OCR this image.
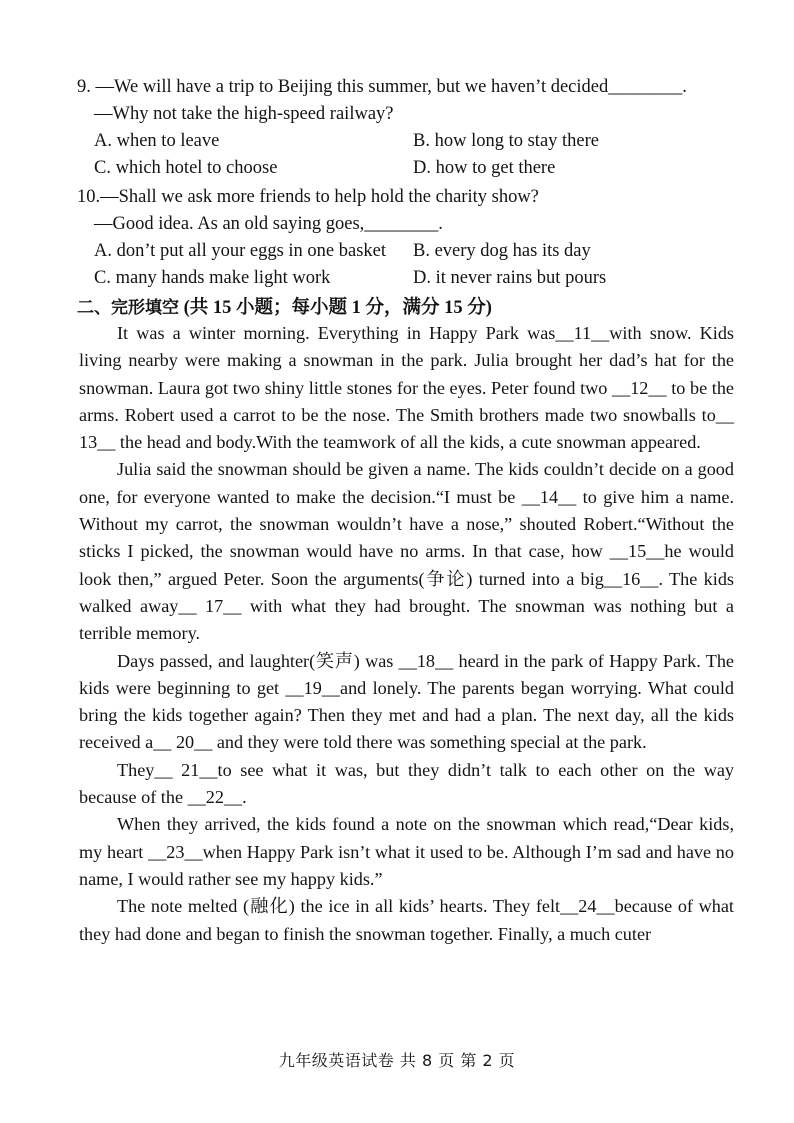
9. —We will have a trip to Beijing this summer, but we haven’t decided________.
—Why not take the high-speed railway?
A. when to leave	B. how long to stay there
C. which hotel to choose	D. how to get there
10.—Shall we ask more friends to help hold the charity show?
—Good idea. As an old saying goes,________.
A. don’t put all your eggs in one basket B. every dog has its day
C. many hands make light work	D. it never rains but pours
二、完形填空 (共 15 小题；每小题 1 分，满分 15 分)

It was a winter morning. Everything in Happy Park was__11__with snow. Kids living nearby were making a snowman in the park. Julia brought her dad’s hat for the snowman. Laura got two shiny little stones for the eyes. Peter found two __12__ to be the arms. Robert used a carrot to be the nose. The Smith brothers made two snowballs to__ 13__ the head and body.With the teamwork of all the kids, a cute snowman appeared.

Julia said the snowman should be given a name. The kids couldn’t decide on a good one, for everyone wanted to make the decision.“I must be __14__ to give him a name. Without my carrot, the snowman wouldn’t have a nose,” shouted Robert.“Without the sticks I picked, the snowman would have no arms. In that case, how __15__he would look then,” argued Peter. Soon the arguments(争论) turned into a big__16__. The kids walked away__ 17__ with what they had brought. The snowman was nothing but a terrible memory.

Days passed, and laughter(笑声) was __18__ heard in the park of Happy Park. The kids were beginning to get __19__and lonely. The parents began worrying. What could bring the kids together again? Then they met and had a plan. The next day, all the kids received a__ 20__ and they were told there was something special at the park.

They__ 21__to see what it was, but they didn’t talk to each other on the way because of the __22__.

When they arrived, the kids found a note on the snowman which read,“Dear kids, my heart __23__when Happy Park isn’t what it used to be. Although I’m sad and have no name, I would rather see my happy kids.”

The note melted (融化) the ice in all kids’ hearts. They felt__24__because of what they had done and began to finish the snowman together. Finally, a much cuter

九年级英语试卷 共 8 页 第 2 页
